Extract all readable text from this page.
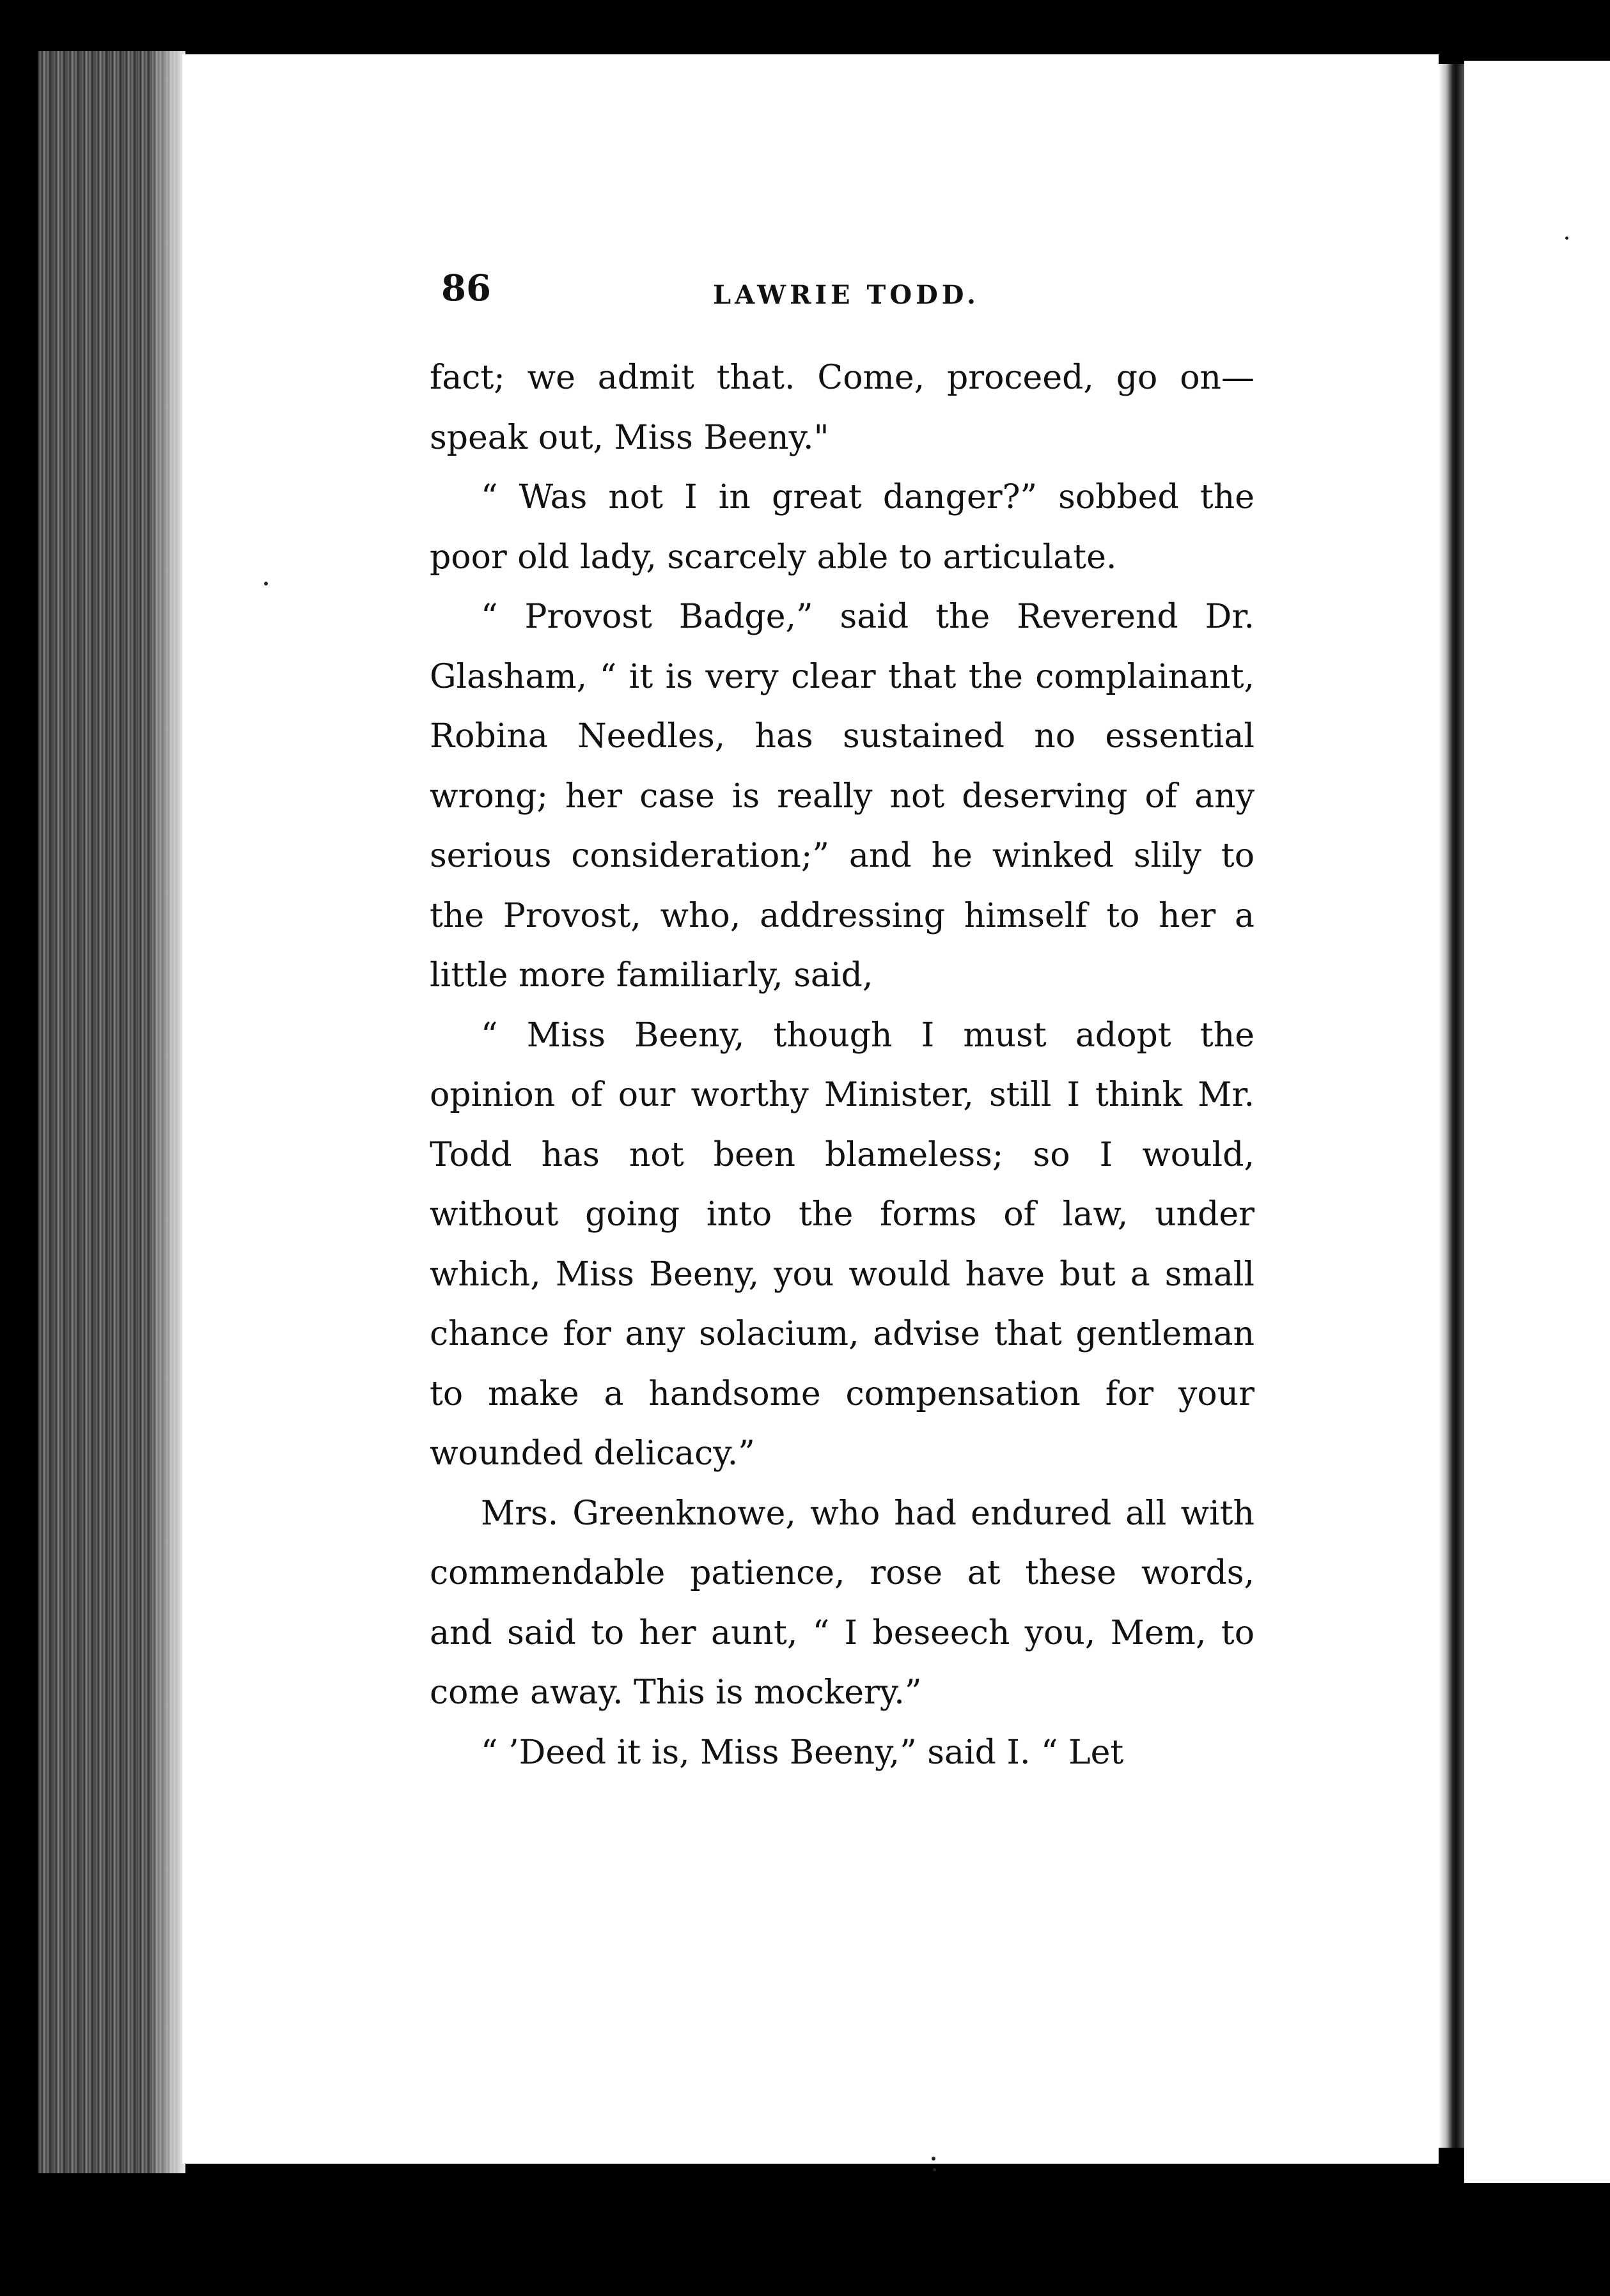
86	LAWRIE TODD.

fact; we admit that. Come, proceed, go on—speak out, Miss Beeny."

“ Was not I in great danger?” sobbed the poor old lady, scarcely able to articulate.

“ Provost Badge,” said the Reverend Dr. Glasham, “ it is very clear that the complainant, Robina Needles, has sustained no essential wrong; her case is really not deserving of any serious consideration;” and he winked slily to the Provost, who, addressing himself to her a little more familiarly, said,

“ Miss Beeny, though I must adopt the opinion of our worthy Minister, still I think Mr. Todd has not been blameless; so I would, without going into the forms of law, under which, Miss Beeny, you would have but a small chance for any solacium, advise that gentleman to make a handsome compensation for your wounded delicacy.”

Mrs. Greenknowe, who had endured all with commendable patience, rose at these words, and said to her aunt, “ I beseech you, Mem, to come away. This is mockery.”

“ ’Deed it is, Miss Beeny,” said I. “ Let
